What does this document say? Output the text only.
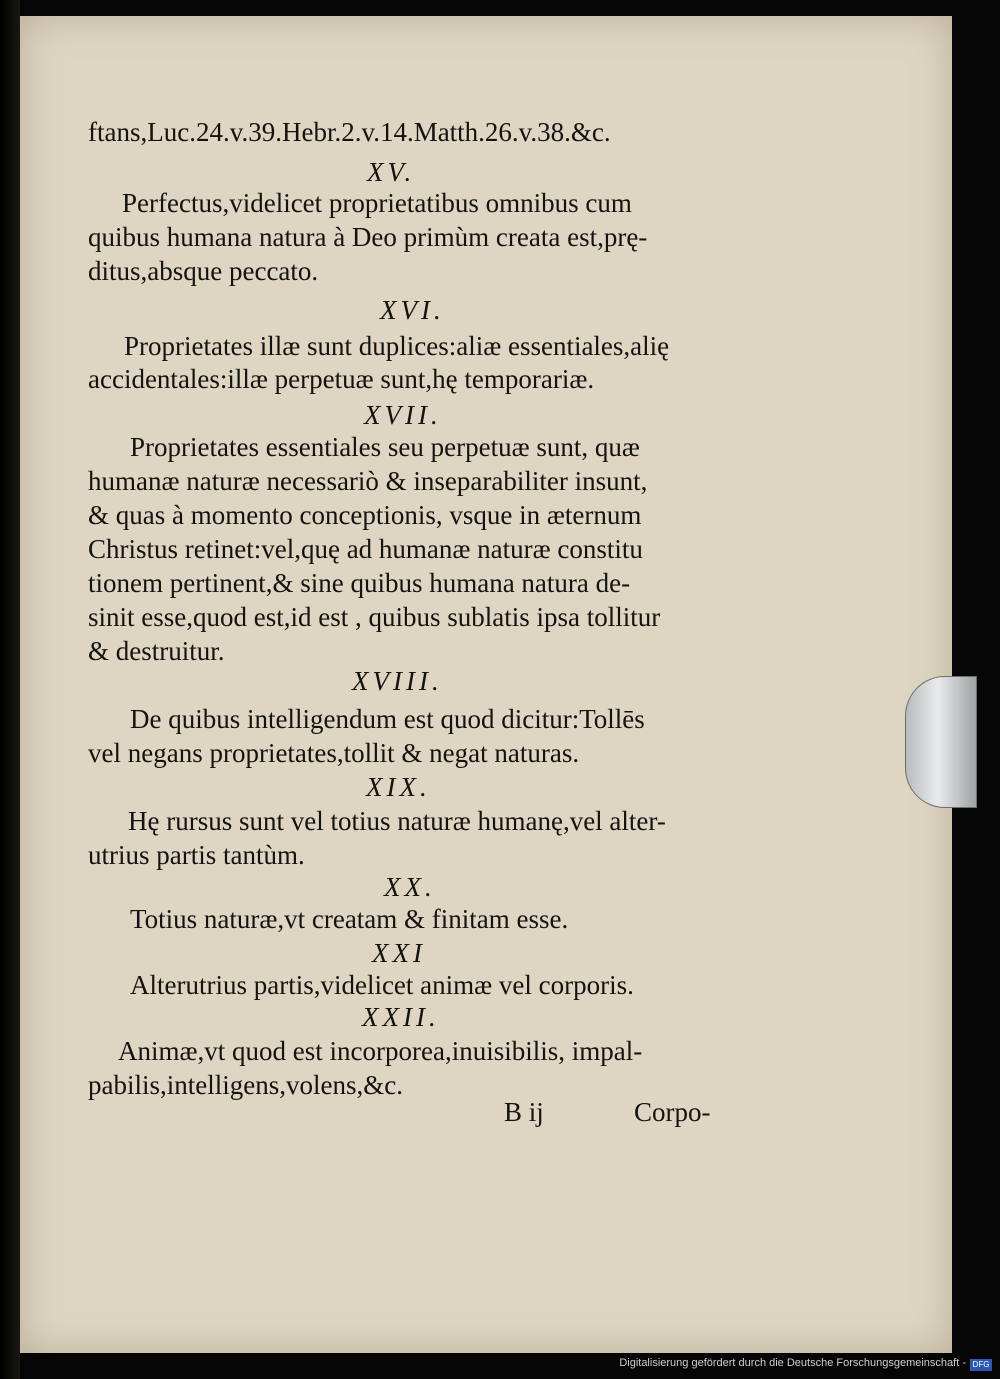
ftans,Luc.24.v.39.Hebr.2.v.14.Matth.26.v.38.&c.
XV.
Perfectus,videlicet proprietatibus omnibus cum
quibus humana natura à Deo primùm creata est,prę-
ditus,absque peccato.
XVI.
Proprietates illæ sunt duplices:aliæ essentiales,alię
accidentales:illæ perpetuæ sunt,hę temporariæ.
XVII.
Proprietates essentiales seu perpetuæ sunt, quæ
humanæ naturæ necessariò & inseparabiliter insunt,
& quas à momento conceptionis, vsque in æternum
Christus retinet:vel,quę ad humanæ naturæ constitu
tionem pertinent,& sine quibus humana natura de-
sinit esse,quod est,id est , quibus sublatis ipsa tollitur
& destruitur.
XVIII.
De quibus intelligendum est quod dicitur:Tollēs
vel negans proprietates,tollit & negat naturas.
XIX.
Hę rursus sunt vel totius naturæ humanę,vel alter-
utrius partis tantùm.
XX.
Totius naturæ,vt creatam & finitam esse.
XXI
Alterutrius partis,videlicet animæ vel corporis.
XXII.
Animæ,vt quod est incorporea,inuisibilis, impal-
pabilis,intelligens,volens,&c.
B ij	Corpo-
Digitalisierung gefördert durch die Deutsche Forschungsgemeinschaft - DFG
